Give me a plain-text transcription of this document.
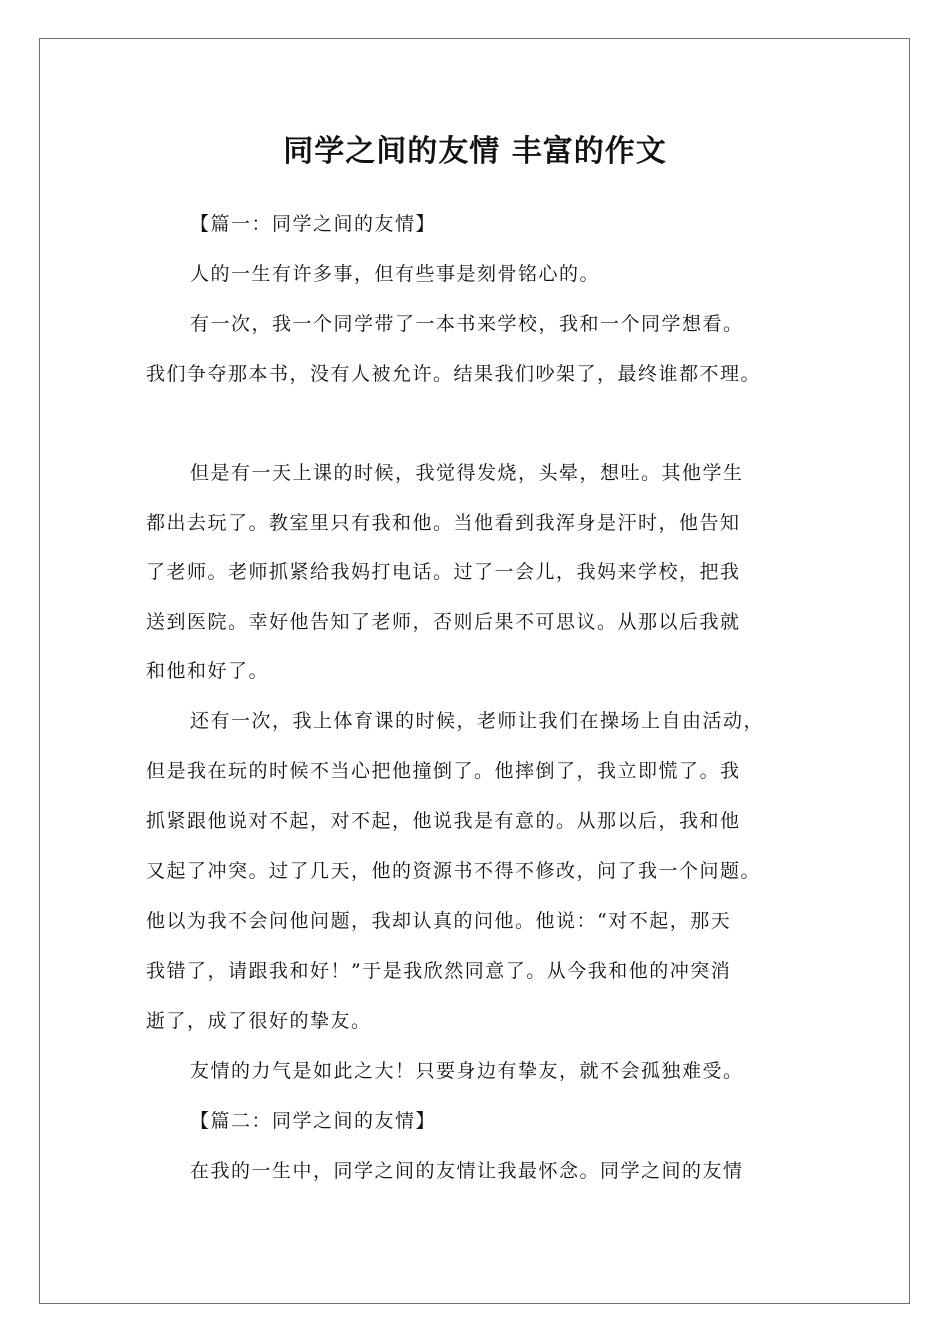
同学之间的友情 丰富的作文

【篇一：同学之间的友情】

人的一生有许多事，但有些事是刻骨铭心的。

有一次，我一个同学带了一本书来学校，我和一个同学想看。

我们争夺那本书，没有人被允许。结果我们吵架了，最终谁都不理。

但是有一天上课的时候，我觉得发烧，头晕，想吐。其他学生

都出去玩了。教室里只有我和他。当他看到我浑身是汗时，他告知

了老师。老师抓紧给我妈打电话。过了一会儿，我妈来学校，把我

送到医院。幸好他告知了老师，否则后果不可思议。从那以后我就

和他和好了。

还有一次，我上体育课的时候，老师让我们在操场上自由活动，

但是我在玩的时候不当心把他撞倒了。他摔倒了，我立即慌了。我

抓紧跟他说对不起，对不起，他说我是有意的。从那以后，我和他

又起了冲突。过了几天，他的资源书不得不修改，问了我一个问题。

他以为我不会问他问题，我却认真的问他。他说：“对不起，那天

我错了，请跟我和好！”于是我欣然同意了。从今我和他的冲突消

逝了，成了很好的挚友。

友情的力气是如此之大！只要身边有挚友，就不会孤独难受。

【篇二：同学之间的友情】

在我的一生中，同学之间的友情让我最怀念。同学之间的友情
